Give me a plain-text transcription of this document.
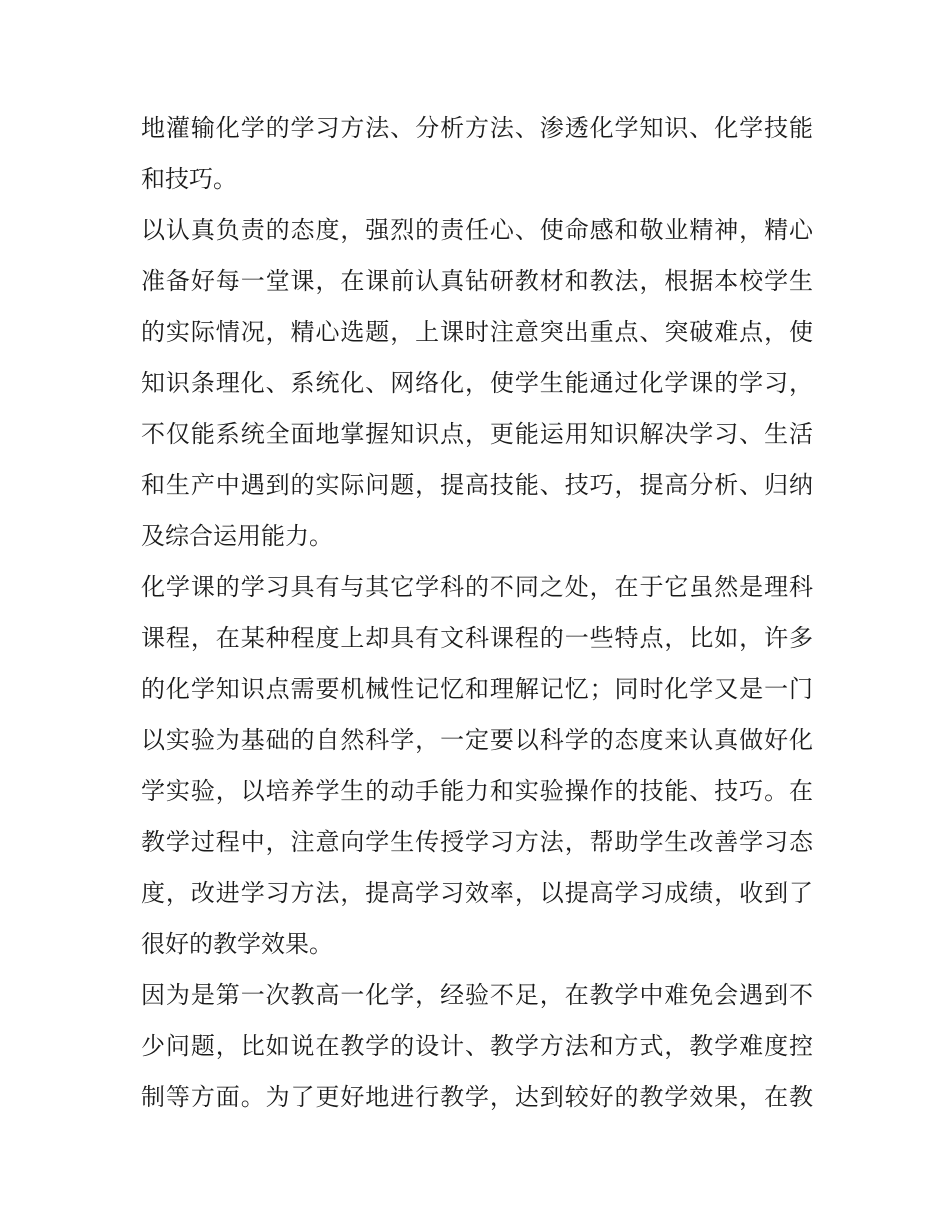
地灌输化学的学习方法、分析方法、渗透化学知识、化学技能
和技巧。
以认真负责的态度，强烈的责任心、使命感和敬业精神，精心
准备好每一堂课，在课前认真钻研教材和教法，根据本校学生
的实际情况，精心选题，上课时注意突出重点、突破难点，使
知识条理化、系统化、网络化，使学生能通过化学课的学习，
不仅能系统全面地掌握知识点，更能运用知识解决学习、生活
和生产中遇到的实际问题，提高技能、技巧，提高分析、归纳
及综合运用能力。
化学课的学习具有与其它学科的不同之处，在于它虽然是理科
课程，在某种程度上却具有文科课程的一些特点，比如，许多
的化学知识点需要机械性记忆和理解记忆；同时化学又是一门
以实验为基础的自然科学，一定要以科学的态度来认真做好化
学实验，以培养学生的动手能力和实验操作的技能、技巧。在
教学过程中，注意向学生传授学习方法，帮助学生改善学习态
度，改进学习方法，提高学习效率，以提高学习成绩，收到了
很好的教学效果。
因为是第一次教高一化学，经验不足，在教学中难免会遇到不
少问题，比如说在教学的设计、教学方法和方式，教学难度控
制等方面。为了更好地进行教学，达到较好的教学效果，在教
